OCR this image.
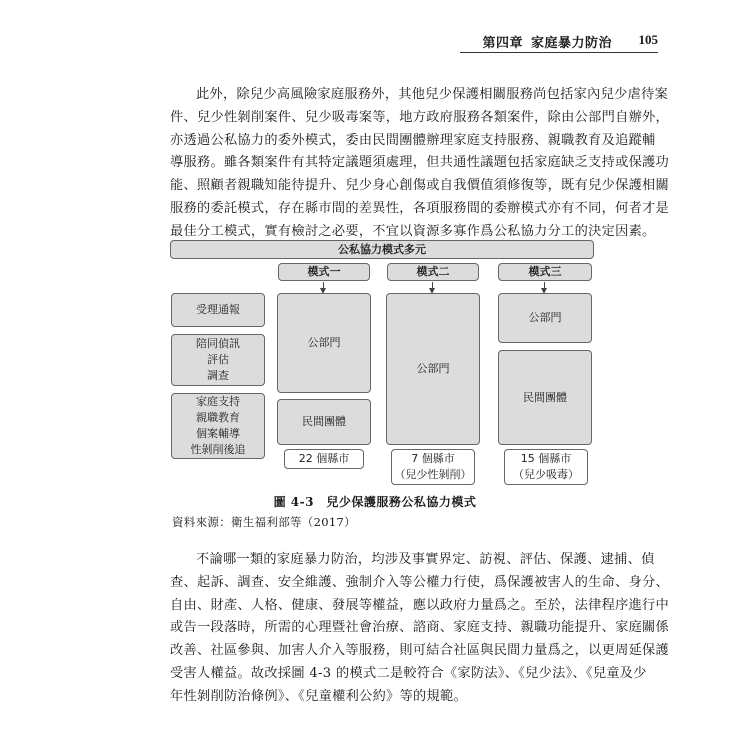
第四章 家庭暴力防治 105

此外，除兒少高風險家庭服務外，其他兒少保護相關服務尚包括家內兒少虐待案
件、兒少性剝削案件、兒少吸毒案等，地方政府服務各類案件，除由公部門自辦外，
亦透過公私協力的委外模式，委由民間團體辦理家庭支持服務、親職教育及追蹤輔
導服務。雖各類案件有其特定議題須處理，但共通性議題包括家庭缺乏支持或保護功
能、照顧者親職知能待提升、兒少身心創傷或自我價值須修復等，既有兒少保護相關
服務的委託模式，存在縣市間的差異性，各項服務間的委辦模式亦有不同，何者才是
最佳分工模式，實有檢討之必要，不宜以資源多寡作爲公私協力分工的決定因素。

公私協力模式多元
模式一	模式二	模式三
受理通報
陪同偵訊
評估
調查
家庭支持
親職教育
個案輔導
性剝削後追
公部門
民間團體
22 個縣市
公部門
7 個縣市
（兒少性剝削）
公部門
民間團體
15 個縣市
（兒少吸毒）
圖 4-3　兒少保護服務公私協力模式
資料來源：衛生福利部等（2017）

不論哪一類的家庭暴力防治，均涉及事實界定、訪視、評估、保護、逮捕、偵
查、起訴、調查、安全維護、強制介入等公權力行使，爲保護被害人的生命、身分、
自由、財產、人格、健康、發展等權益，應以政府力量爲之。至於，法律程序進行中
或告一段落時，所需的心理暨社會治療、諮商、家庭支持、親職功能提升、家庭關係
改善、社區參與、加害人介入等服務，則可結合社區與民間力量爲之，以更周延保護
受害人權益。故改採圖 4-3 的模式二是較符合《家防法》、《兒少法》、《兒童及少
年性剝削防治條例》、《兒童權利公約》等的規範。
